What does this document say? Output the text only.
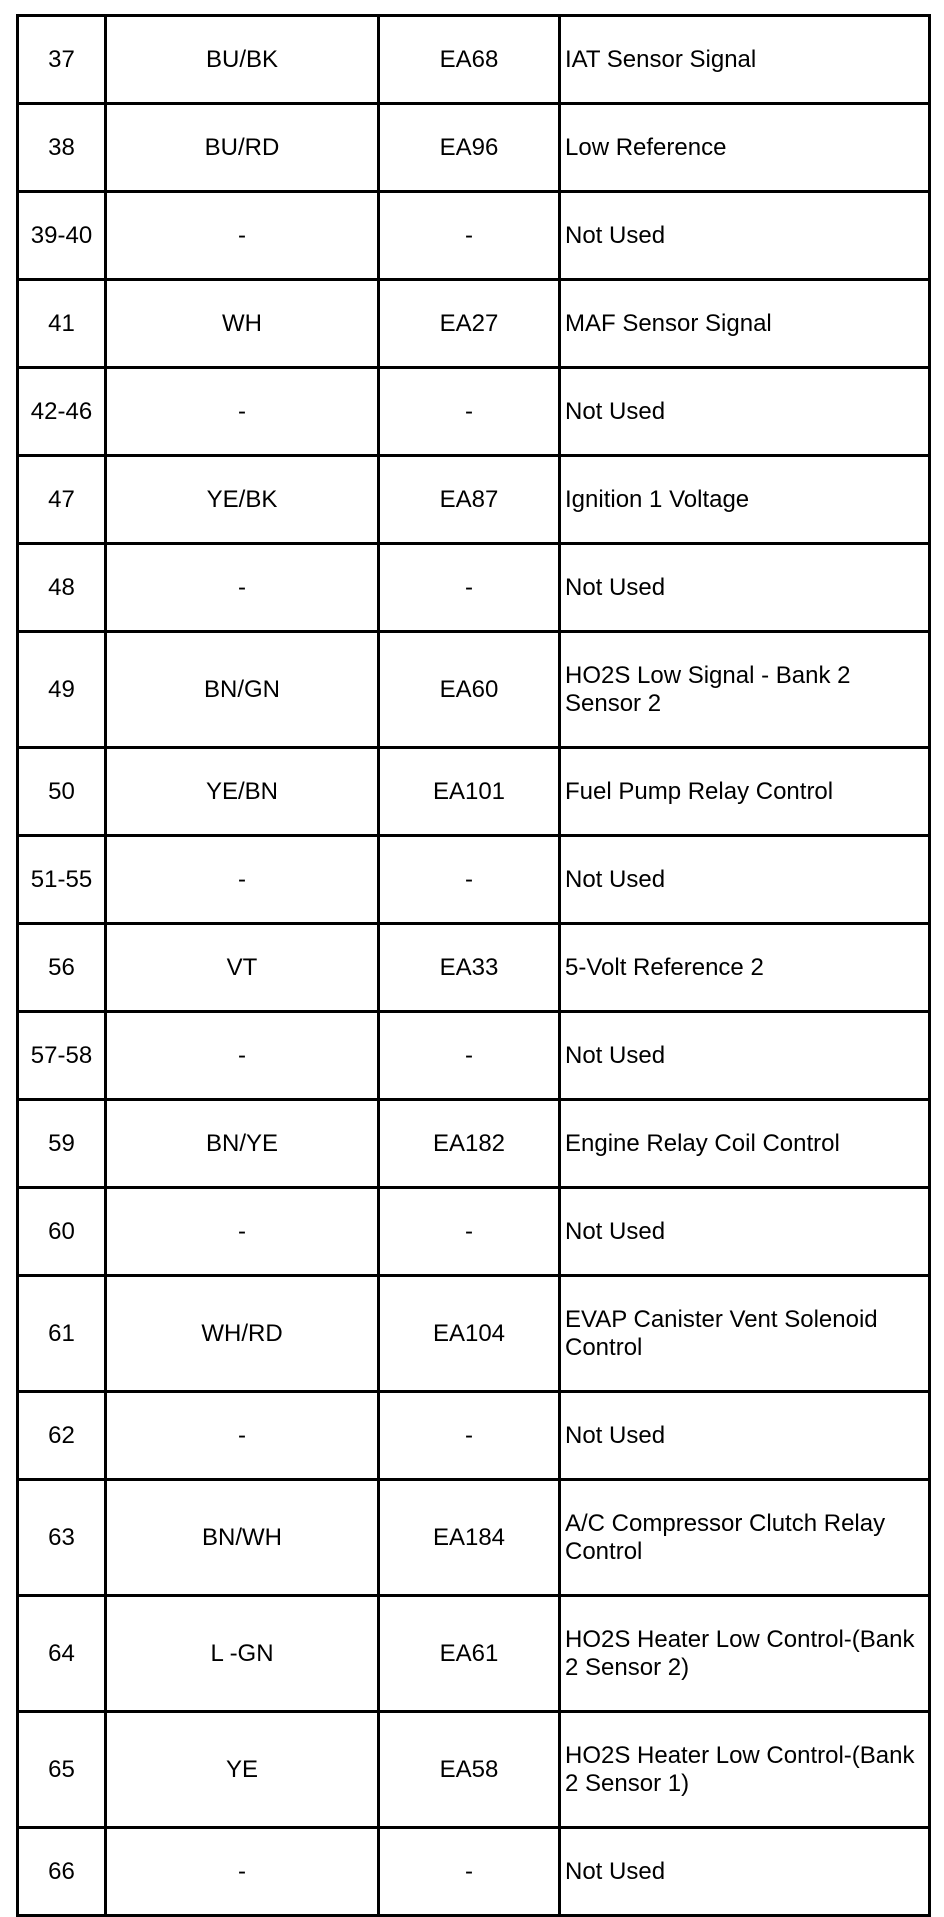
37	BU/BK	EA68	IAT Sensor Signal
38	BU/RD	EA96	Low Reference
39-40	-	-	Not Used
41	WH	EA27	MAF Sensor Signal
42-46	-	-	Not Used
47	YE/BK	EA87	Ignition 1 Voltage
48	-	-	Not Used
49	BN/GN	EA60	HO2S Low Signal - Bank 2 Sensor 2
50	YE/BN	EA101	Fuel Pump Relay Control
51-55	-	-	Not Used
56	VT	EA33	5-Volt Reference 2
57-58	-	-	Not Used
59	BN/YE	EA182	Engine Relay Coil Control
60	-	-	Not Used
61	WH/RD	EA104	EVAP Canister Vent Solenoid Control
62	-	-	Not Used
63	BN/WH	EA184	A/C Compressor Clutch Relay Control
64	L -GN	EA61	HO2S Heater Low Control-(Bank 2 Sensor 2)
65	YE	EA58	HO2S Heater Low Control-(Bank 2 Sensor 1)
66	-	-	Not Used
